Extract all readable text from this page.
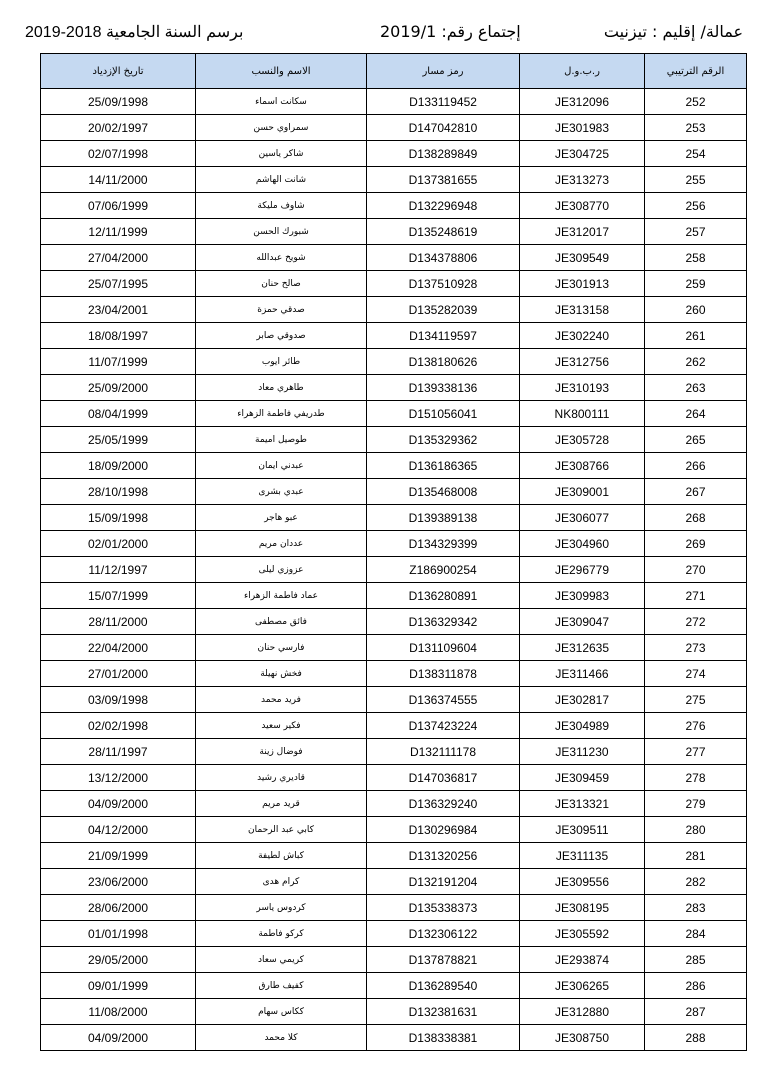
برسم السنة الجامعية 2018-2019	إجتماع رقم: 2019/1	عمالة/ إقليم : تيزنيت
تاريخ الإزدياد	الاسم والنسب	رمز مسار	ر.ب.و.ل	الرقم الترتيبي
25/09/1998	سكانت اسماء	D133119452	JE312096	252
20/02/1997	سمراوي حسن	D147042810	JE301983	253
02/07/1998	شاكر ياسين	D138289849	JE304725	254
14/11/2000	شانت الهاشم	D137381655	JE313273	255
07/06/1999	شاوف مليكة	D132296948	JE308770	256
12/11/1999	شبورك الحسن	D135248619	JE312017	257
27/04/2000	شويخ عبدالله	D134378806	JE309549	258
25/07/1995	صالح حنان	D137510928	JE301913	259
23/04/2001	صدقي حمزة	D135282039	JE313158	260
18/08/1997	صدوقي صابر	D134119597	JE302240	261
11/07/1999	طائر ايوب	D138180626	JE312756	262
25/09/2000	طاهري معاد	D139338136	JE310193	263
08/04/1999	طدريفي فاطمة الزهراء	D151056041	NK800111	264
25/05/1999	طوصيل اميمة	D135329362	JE305728	265
18/09/2000	عبدني ايمان	D136186365	JE308766	266
28/10/1998	عبدي بشرى	D135468008	JE309001	267
15/09/1998	عبو هاجر	D139389138	JE306077	268
02/01/2000	عددان مريم	D134329399	JE304960	269
11/12/1997	عزوزي ليلى	Z186900254	JE296779	270
15/07/1999	عماد فاطمة الزهراء	D136280891	JE309983	271
28/11/2000	فائق مصطفى	D136329342	JE309047	272
22/04/2000	فارسي حنان	D131109604	JE312635	273
27/01/2000	فخش نهيلة	D138311878	JE311466	274
03/09/1998	فريد محمد	D136374555	JE302817	275
02/02/1998	فكير سعيد	D137423224	JE304989	276
28/11/1997	فوضال زينة	D132111178	JE311230	277
13/12/2000	قاديري رشيد	D147036817	JE309459	278
04/09/2000	قريد مريم	D136329240	JE313321	279
04/12/2000	كابي عبد الرحمان	D130296984	JE309511	280
21/09/1999	كباش لطيفة	D131320256	JE311135	281
23/06/2000	كرام هدى	D132191204	JE309556	282
28/06/2000	كردوس ياسر	D135338373	JE308195	283
01/01/1998	كركو فاطمة	D132306122	JE305592	284
29/05/2000	كريمي سعاد	D137878821	JE293874	285
09/01/1999	كفيف طارق	D136289540	JE306265	286
11/08/2000	ككاس سهام	D132381631	JE312880	287
04/09/2000	كلا محمد	D138338381	JE308750	288
